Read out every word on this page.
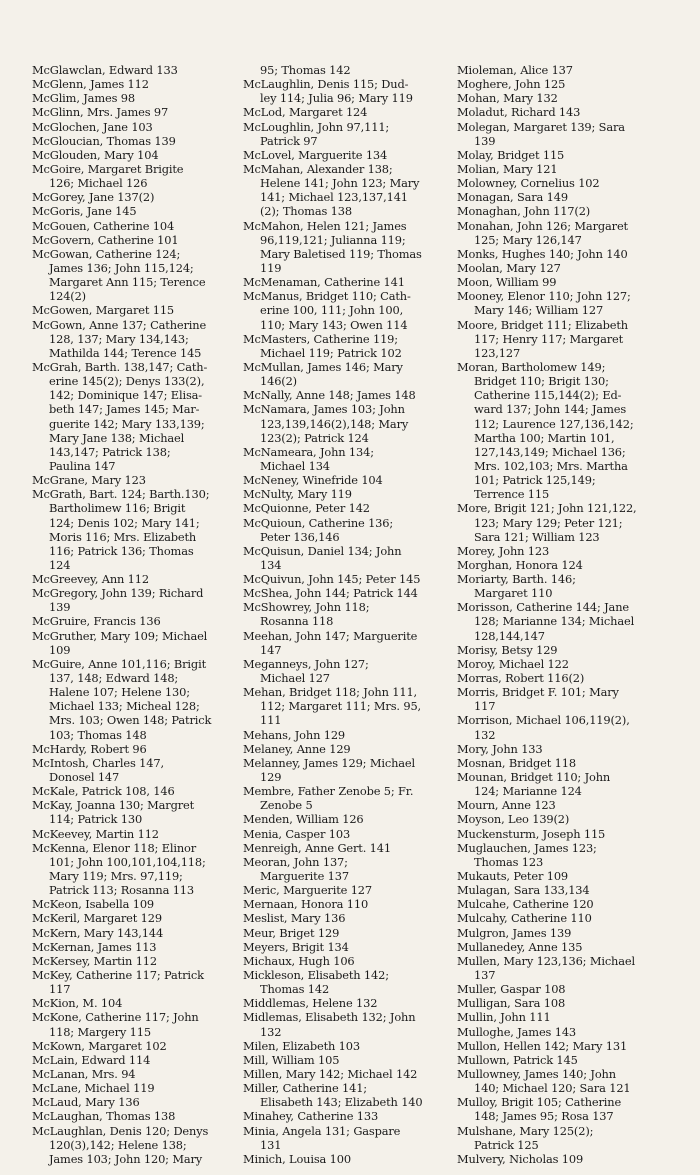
McGlawclan, Edward 133
McGlenn, James 112
McGlim, James 98
McGlinn, Mrs. James 97
McGlochen, Jane 103
McGloucian, Thomas 139
McGlouden, Mary 104
McGoire, Margaret Brigite
126; Michael 126
McGorey, Jane 137(2)
McGoris, Jane 145
McGouen, Catherine 104
McGovern, Catherine 101
McGowan, Catherine 124;
James 136; John 115,124;
Margaret Ann 115; Terence
124(2)
McGowen, Margaret 115
McGown, Anne 137; Catherine
128, 137; Mary 134,143;
Mathilda 144; Terence 145
McGrah, Barth. 138,147; Cath-
erine 145(2); Denys 133(2),
142; Dominique 147; Elisa-
beth 147; James 145; Mar-
guerite 142; Mary 133,139;
Mary Jane 138; Michael
143,147; Patrick 138;
Paulina 147
McGrane, Mary 123
McGrath, Bart. 124; Barth.130;
Bartholimew 116; Brigit
124; Denis 102; Mary 141;
Moris 116; Mrs. Elizabeth
116; Patrick 136; Thomas
124
McGreevey, Ann 112
McGregory, John 139; Richard
139
McGruire, Francis 136
McGruther, Mary 109; Michael
109
McGuire, Anne 101,116; Brigit
137, 148; Edward 148;
Halene 107; Helene 130;
Michael 133; Micheal 128;
Mrs. 103; Owen 148; Patrick
103; Thomas 148
McHardy, Robert 96
McIntosh, Charles 147,
Donosel 147
McKale, Patrick 108, 146
McKay, Joanna 130; Margret
114; Patrick 130
McKeevey, Martin 112
McKenna, Elenor 118; Elinor
101; John 100,101,104,118;
Mary 119; Mrs. 97,119;
Patrick 113; Rosanna 113
McKeon, Isabella 109
McKeril, Margaret 129
McKern, Mary 143,144
McKernan, James 113
McKersey, Martin 112
McKey, Catherine 117; Patrick
117
McKion, M. 104
McKone, Catherine 117; John
118; Margery 115
McKown, Margaret 102
McLain, Edward 114
McLanan, Mrs. 94
McLane, Michael 119
McLaud, Mary 136
McLaughan, Thomas 138
McLaughlan, Denis 120; Denys
120(3),142; Helene 138;
James 103; John 120; Mary
95; Thomas 142
McLaughlin, Denis 115; Dud-
ley 114; Julia 96; Mary 119
McLod, Margaret 124
McLoughlin, John 97,111;
Patrick 97
McLovel, Marguerite 134
McMahan, Alexander 138;
Helene 141; John 123; Mary
141; Michael 123,137,141
(2); Thomas 138
McMahon, Helen 121; James
96,119,121; Julianna 119;
Mary Baletised 119; Thomas
119
McMenaman, Catherine 141
McManus, Bridget 110; Cath-
erine 100, 111; John 100,
110; Mary 143; Owen 114
McMasters, Catherine 119;
Michael 119; Patrick 102
McMullan, James 146; Mary
146(2)
McNally, Anne 148; James 148
McNamara, James 103; John
123,139,146(2),148; Mary
123(2); Patrick 124
McNameara, John 134;
Michael 134
McNeney, Winefride 104
McNulty, Mary 119
McQuionne, Peter 142
McQuioun, Catherine 136;
Peter 136,146
McQuisun, Daniel 134; John
134
McQuivun, John 145; Peter 145
McShea, John 144; Patrick 144
McShowrey, John 118;
Rosanna 118
Meehan, John 147; Marguerite
147
Meganneys, John 127;
Michael 127
Mehan, Bridget 118; John 111,
112; Margaret 111; Mrs. 95,
111
Mehans, John 129
Melaney, Anne 129
Melanney, James 129; Michael
129
Membre, Father Zenobe 5; Fr.
Zenobe 5
Menden, William 126
Menia, Casper 103
Menreigh, Anne Gert. 141
Meoran, John 137;
Marguerite 137
Meric, Marguerite 127
Mernaan, Honora 110
Meslist, Mary 136
Meur, Briget 129
Meyers, Brigit 134
Michaux, Hugh 106
Mickleson, Elisabeth 142;
Thomas 142
Middlemas, Helene 132
Midlemas, Elisabeth 132; John
132
Milen, Elizabeth 103
Mill, William 105
Millen, Mary 142; Michael 142
Miller, Catherine 141;
Elisabeth 143; Elizabeth 140
Minahey, Catherine 133
Minia, Angela 131; Gaspare
131
Minich, Louisa 100
Mioleman, Alice 137
Moghere, John 125
Mohan, Mary 132
Moladut, Richard 143
Molegan, Margaret 139; Sara
139
Molay, Bridget 115
Molian, Mary 121
Molowney, Cornelius 102
Monagan, Sara 149
Monaghan, John 117(2)
Monahan, John 126; Margaret
125; Mary 126,147
Monks, Hughes 140; John 140
Moolan, Mary 127
Moon, William 99
Mooney, Elenor 110; John 127;
Mary 146; William 127
Moore, Bridget 111; Elizabeth
117; Henry 117; Margaret
123,127
Moran, Bartholomew 149;
Bridget 110; Brigit 130;
Catherine 115,144(2); Ed-
ward 137; John 144; James
112; Laurence 127,136,142;
Martha 100; Martin 101,
127,143,149; Michael 136;
Mrs. 102,103; Mrs. Martha
101; Patrick 125,149;
Terrence 115
More, Brigit 121; John 121,122,
123; Mary 129; Peter 121;
Sara 121; William 123
Morey, John 123
Morghan, Honora 124
Moriarty, Barth. 146;
Margaret 110
Morisson, Catherine 144; Jane
128; Marianne 134; Michael
128,144,147
Morisy, Betsy 129
Moroy, Michael 122
Morras, Robert 116(2)
Morris, Bridget F. 101; Mary
117
Morrison, Michael 106,119(2),
132
Mory, John 133
Mosnan, Bridget 118
Mounan, Bridget 110; John
124; Marianne 124
Mourn, Anne 123
Moyson, Leo 139(2)
Muckensturm, Joseph 115
Muglauchen, James 123;
Thomas 123
Mukauts, Peter 109
Mulagan, Sara 133,134
Mulcahe, Catherine 120
Mulcahy, Catherine 110
Mulgron, James 139
Mullanedey, Anne 135
Mullen, Mary 123,136; Michael
137
Muller, Gaspar 108
Mulligan, Sara 108
Mullin, John 111
Mulloghe, James 143
Mullon, Hellen 142; Mary 131
Mullown, Patrick 145
Mullowney, James 140; John
140; Michael 120; Sara 121
Mulloy, Brigit 105; Catherine
148; James 95; Rosa 137
Mulshane, Mary 125(2);
Patrick 125
Mulvery, Nicholas 109
